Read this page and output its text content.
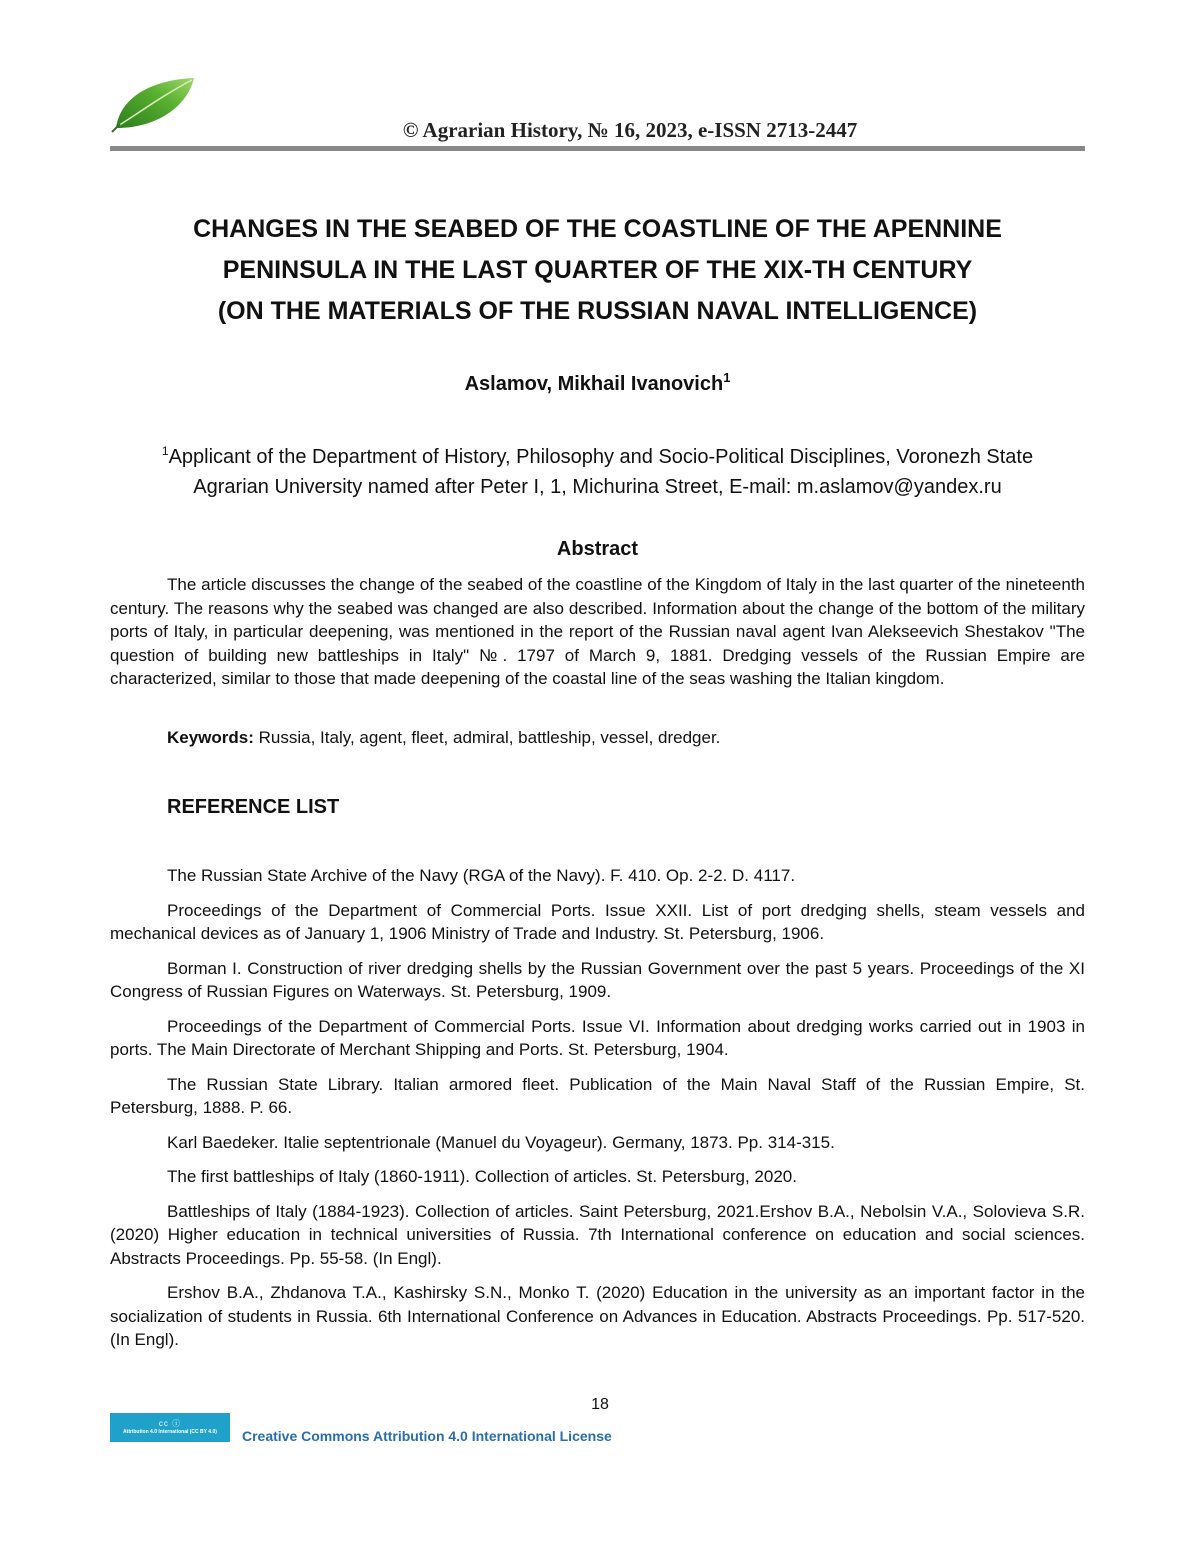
© Agrarian History, № 16, 2023, e-ISSN 2713-2447
CHANGES IN THE SEABED OF THE COASTLINE OF THE APENNINE
PENINSULA IN THE LAST QUARTER OF THE XIX-TH CENTURY
(ON THE MATERIALS OF THE RUSSIAN NAVAL INTELLIGENCE)
Aslamov, Mikhail Ivanovich$^1$
$^1$Applicant of the Department of History, Philosophy and Socio-Political Disciplines, Voronezh State
Agrarian University named after Peter I, 1, Michurina Street, E-mail: m.aslamov@yandex.ru
Abstract

The article discusses the change of the seabed of the coastline of the Kingdom of Italy in the last quarter of the nineteenth century. The reasons why the seabed was changed are also described. Information about the change of the bottom of the military ports of Italy, in particular deepening, was mentioned in the report of the Russian naval agent Ivan Alekseevich Shestakov "The question of building new battleships in Italy" №. 1797 of March 9, 1881. Dredging vessels of the Russian Empire are characterized, similar to those that made deepening of the coastal line of the seas washing the Italian kingdom.

Keywords: Russia, Italy, agent, fleet, admiral, battleship, vessel, dredger.
REFERENCE LIST

The Russian State Archive of the Navy (RGA of the Navy). F. 410. Op. 2-2. D. 4117.

Proceedings of the Department of Commercial Ports. Issue XXII. List of port dredging shells, steam vessels and mechanical devices as of January 1, 1906 Ministry of Trade and Industry. St. Petersburg, 1906.

Borman I. Construction of river dredging shells by the Russian Government over the past 5 years. Proceedings of the XI Congress of Russian Figures on Waterways. St. Petersburg, 1909.

Proceedings of the Department of Commercial Ports. Issue VI. Information about dredging works carried out in 1903 in ports. The Main Directorate of Merchant Shipping and Ports. St. Petersburg, 1904.

The Russian State Library. Italian armored fleet. Publication of the Main Naval Staff of the Russian Empire, St. Petersburg, 1888. P. 66.

Karl Baedeker. Italie septentrionale (Manuel du Voyageur). Germany, 1873. Pp. 314-315.

The first battleships of Italy (1860-1911). Collection of articles. St. Petersburg, 2020.

Battleships of Italy (1884-1923). Collection of articles. Saint Petersburg, 2021.Ershov B.A., Nebolsin V.A., Solovieva S.R. (2020) Higher education in technical universities of Russia. 7th International conference on education and social sciences. Abstracts Proceedings. Pp. 55-58. (In Engl).

Ershov B.A., Zhdanova T.A., Kashirsky S.N., Monko T. (2020) Education in the university as an important factor in the socialization of students in Russia. 6th International Conference on Advances in Education. Abstracts Proceedings. Pp. 517-520. (In Engl).

18
cc ⓘ
Attribution 4.0 International (CC BY 4.0) Creative Commons Attribution 4.0 International License
